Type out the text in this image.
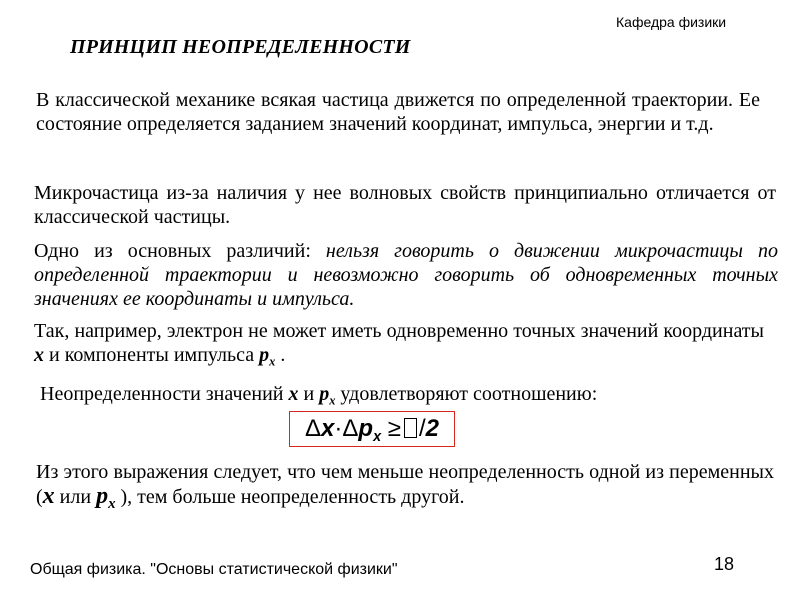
Кафедра физики
ПРИНЦИП НЕОПРЕДЕЛЕННОСТИ
В классической механике всякая частица движется по определенной траектории. Ее состояние определяется заданием значений координат, импульса, энергии и т.д.
Микрочастица из-за наличия у нее волновых свойств принципиально отличается от классической частицы.
Одно из основных различий: нельзя говорить о движении микрочастицы по определенной траектории и невозможно говорить об одновременных точных значениях ее координаты и импульса.
Так, например, электрон не может иметь одновременно точных значений координаты x и компоненты импульса $p_x$ .
Неопределенности значений x и $p_x$ удовлетворяют соотношению:
$\Delta x\cdot\Delta p_x \ge /2$
Из этого выражения следует, что чем меньше неопределенность одной из переменных (x или $p_x$ ), тем больше неопределенность другой.
Общая физика. "Основы статистической физики"	18
